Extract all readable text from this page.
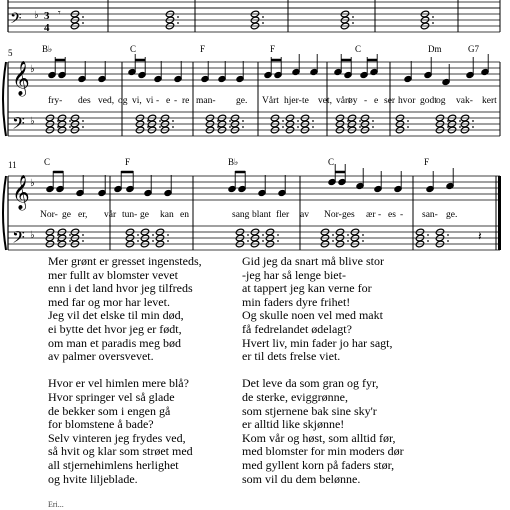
𝄢 ♭ 3
4
𝄾
5
𝄞
𝄢
♭
♭
B♭	C	F	F	C	Dm	G7
fry- des ved, og vi, vi - e - re man- ge. Vårt hjer- te vet, vårt
øy - e ser hvor godt og vak- kert
11
𝄞
𝄢
♭
♭
C	F	B♭	C	F
𝄽
Nor- ge er, vår tun- ge kan en	sang blant fler av Nor- ges ær - es - san- ge.
Mer grønt er gresset ingensteds,
mer fullt av blomster vevet
enn i det land hvor jeg tilfreds
med far og mor har levet.
Jeg vil det elske til min død,
ei bytte det hvor jeg er født,
om man et paradis meg bød
av palmer oversvevet.
Hvor er vel himlen mere blå?
Hvor springer vel så glade
de bekker som i engen gå
for blomstene å bade?
Selv vinteren jeg frydes ved,
så hvit og klar som strøet med
all stjernehimlens herlighet
og hvite liljeblade.
Gid jeg da snart må blive stor
-jeg har så lenge biet-
at tappert jeg kan verne for
min faders dyre frihet!
Og skulle noen vel med makt
få fedrelandet ødelagt?
Hvert liv, min fader jo har sagt,
er til dets frelse viet.
Det leve da som gran og fyr,
de sterke, eviggrønne,
som stjernene bak sine sky'r
er alltid like skjønne!
Kom vår og høst, som alltid før,
med blomster for min moders dør
med gyllent korn på faders stør,
som vil du dem belønne.
Eri...
